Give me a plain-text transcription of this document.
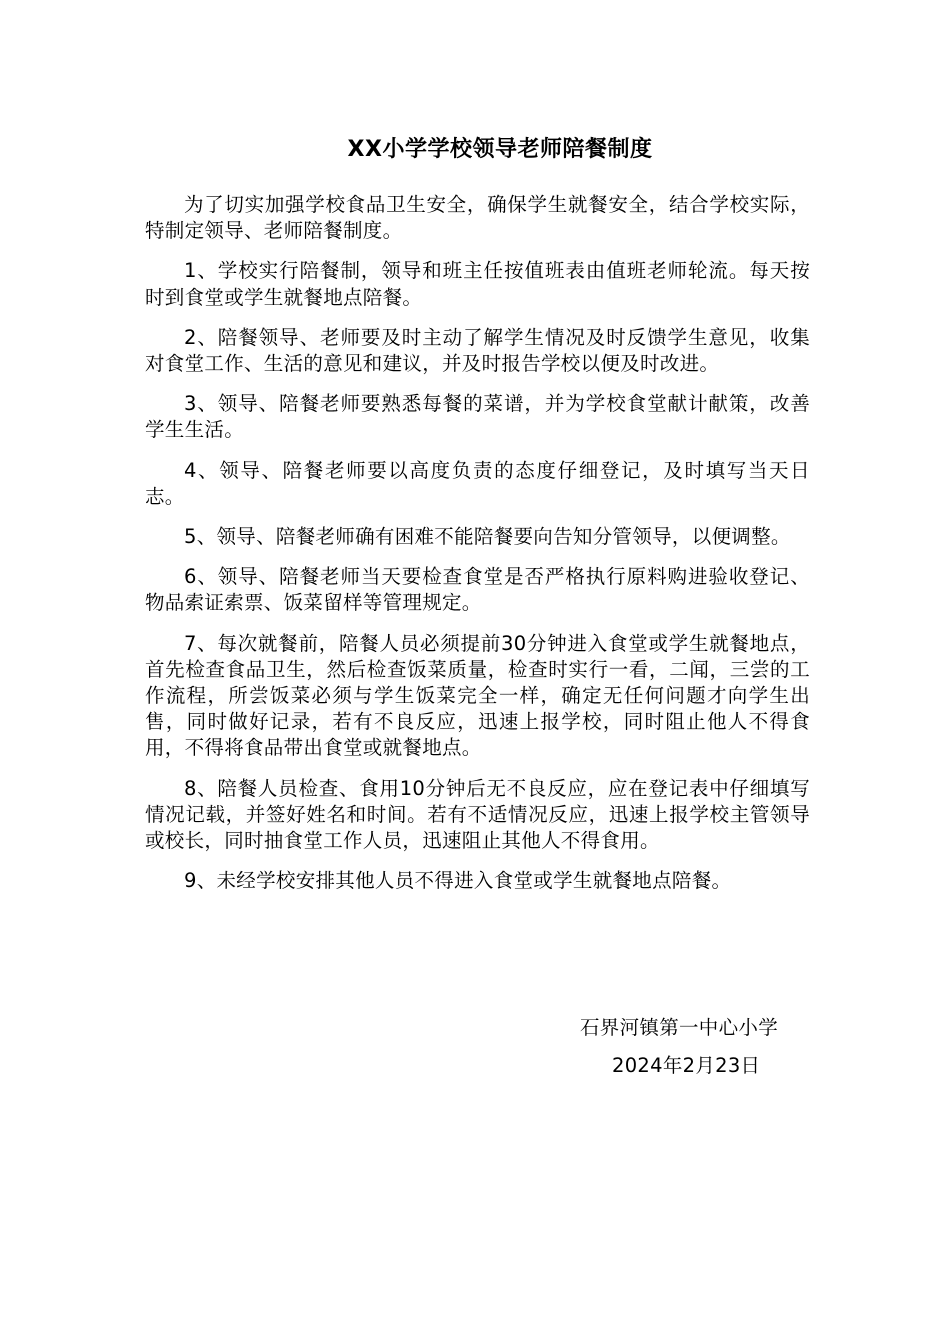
XX小学学校领导老师陪餐制度

为了切实加强学校食品卫生安全，确保学生就餐安全，结合学校实际，特制定领导、老师陪餐制度。

1、学校实行陪餐制，领导和班主任按值班表由值班老师轮流。每天按时到食堂或学生就餐地点陪餐。

2、陪餐领导、老师要及时主动了解学生情况及时反馈学生意见，收集对食堂工作、生活的意见和建议，并及时报告学校以便及时改进。

3、领导、陪餐老师要熟悉每餐的菜谱，并为学校食堂献计献策，改善学生生活。

4、领导、陪餐老师要以高度负责的态度仔细登记，及时填写当天日志。

5、领导、陪餐老师确有困难不能陪餐要向告知分管领导，以便调整。

6、领导、陪餐老师当天要检查食堂是否严格执行原料购进验收登记、物品索证索票、饭菜留样等管理规定。

7、每次就餐前，陪餐人员必须提前30分钟进入食堂或学生就餐地点，首先检查食品卫生，然后检查饭菜质量，检查时实行一看，二闻，三尝的工作流程，所尝饭菜必须与学生饭菜完全一样，确定无任何问题才向学生出售，同时做好记录，若有不良反应，迅速上报学校，同时阻止他人不得食用，不得将食品带出食堂或就餐地点。

8、陪餐人员检查、食用10分钟后无不良反应，应在登记表中仔细填写情况记载，并签好姓名和时间。若有不适情况反应，迅速上报学校主管领导或校长，同时抽食堂工作人员，迅速阻止其他人不得食用。

9、未经学校安排其他人员不得进入食堂或学生就餐地点陪餐。

石界河镇第一中心小学
2024年2月23日
